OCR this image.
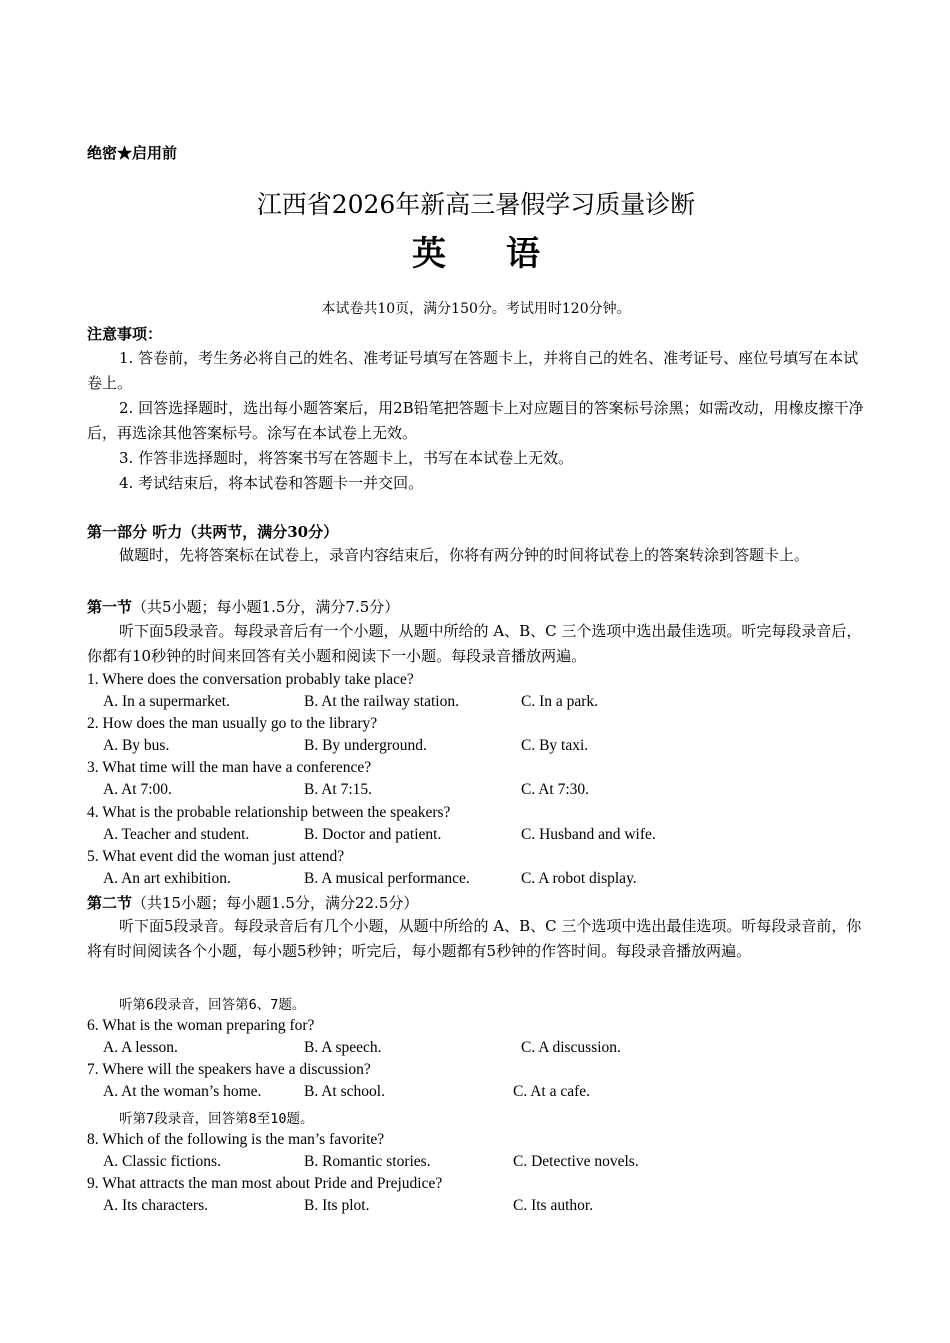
绝密★启用前
江西省2026年新高三暑假学习质量诊断
英语
本试卷共10页，满分150分。考试用时120分钟。
注意事项：
1. 答卷前，考生务必将自己的姓名、准考证号填写在答题卡上，并将自己的姓名、准考证号、座位号填写在本试卷上。
2. 回答选择题时，选出每小题答案后，用2B铅笔把答题卡上对应题目的答案标号涂黑；如需改动，用橡皮擦干净后，再选涂其他答案标号。涂写在本试卷上无效。
3. 作答非选择题时，将答案书写在答题卡上，书写在本试卷上无效。
4. 考试结束后，将本试卷和答题卡一并交回。
第一部分 听力（共两节，满分30分）
做题时，先将答案标在试卷上，录音内容结束后，你将有两分钟的时间将试卷上的答案转涂到答题卡上。
第一节（共5小题；每小题1.5分，满分7.5分）
听下面5段录音。每段录音后有一个小题，从题中所给的 A、B、C 三个选项中选出最佳选项。听完每段录音后，你都有10秒钟的时间来回答有关小题和阅读下一小题。每段录音播放两遍。
1. Where does the conversation probably take place?
A. In a supermarket.	B. At the railway station.	C. In a park.
2. How does the man usually go to the library?
A. By bus.	B. By underground.	C. By taxi.
3. What time will the man have a conference?
A. At 7:00.	B. At 7:15.	C. At 7:30.
4. What is the probable relationship between the speakers?
A. Teacher and student.	B. Doctor and patient.	C. Husband and wife.
5. What event did the woman just attend?
A. An art exhibition.	B. A musical performance.	C. A robot display.
第二节（共15小题；每小题1.5分，满分22.5分）
听下面5段录音。每段录音后有几个小题，从题中所给的 A、B、C 三个选项中选出最佳选项。听每段录音前，你将有时间阅读各个小题，每小题5秒钟；听完后，每小题都有5秒钟的作答时间。每段录音播放两遍。
听第6段录音，回答第6、7题。
6. What is the woman preparing for?
A. A lesson.	B. A speech.	C. A discussion.
7. Where will the speakers have a discussion?
A. At the woman’s home.	B. At school.	C. At a cafe.
听第7段录音，回答第8至10题。
8. Which of the following is the man’s favorite?
A. Classic fictions.	B. Romantic stories.	C. Detective novels.
9. What attracts the man most about Pride and Prejudice?
A. Its characters.	B. Its plot.	C. Its author.
